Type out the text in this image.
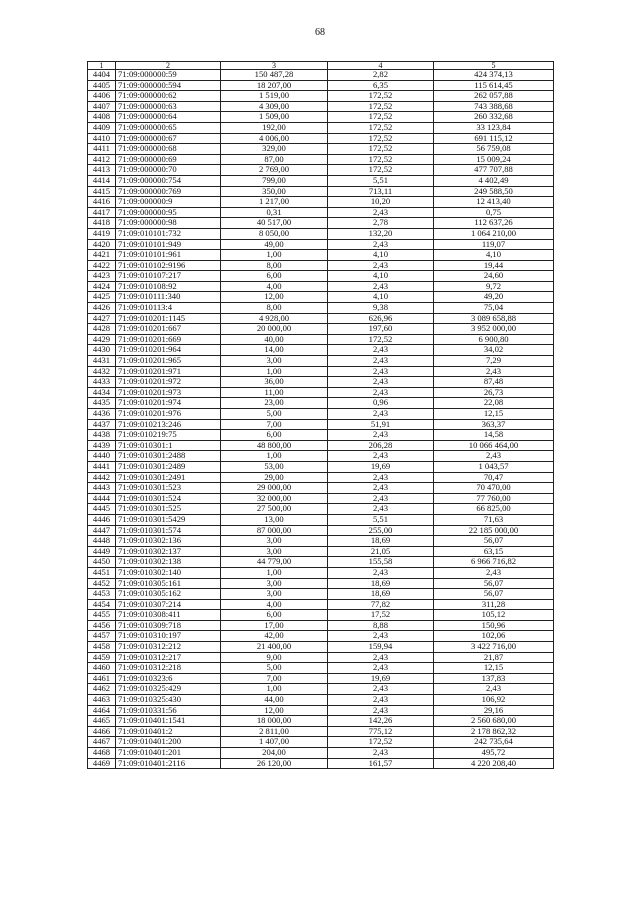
68
1	2	3	4	5
4404	71:09:000000:59	150 487,28	2,82	424 374,13
4405	71:09:000000:594	18 207,00	6,35	115 614,45
4406	71:09:000000:62	1 519,00	172,52	262 057,88
4407	71:09:000000:63	4 309,00	172,52	743 388,68
4408	71:09:000000:64	1 509,00	172,52	260 332,68
4409	71:09:000000:65	192,00	172,52	33 123,84
4410	71:09:000000:67	4 006,00	172,52	691 115,12
4411	71:09:000000:68	329,00	172,52	56 759,08
4412	71:09:000000:69	87,00	172,52	15 009,24
4413	71:09:000000:70	2 769,00	172,52	477 707,88
4414	71:09:000000:754	799,00	5,51	4 402,49
4415	71:09:000000:769	350,00	713,11	249 588,50
4416	71:09:000000:9	1 217,00	10,20	12 413,40
4417	71:09:000000:95	0,31	2,43	0,75
4418	71:09:000000:98	40 517,00	2,78	112 637,26
4419	71:09:010101:732	8 050,00	132,20	1 064 210,00
4420	71:09:010101:949	49,00	2,43	119,07
4421	71:09:010101:961	1,00	4,10	4,10
4422	71:09:010102:9196	8,00	2,43	19,44
4423	71:09:010107:217	6,00	4,10	24,60
4424	71:09:010108:92	4,00	2,43	9,72
4425	71:09:010111:340	12,00	4,10	49,20
4426	71:09:010113:4	8,00	9,38	75,04
4427	71:09:010201:1145	4 928,00	626,96	3 089 658,88
4428	71:09:010201:667	20 000,00	197,60	3 952 000,00
4429	71:09:010201:669	40,00	172,52	6 900,80
4430	71:09:010201:964	14,00	2,43	34,02
4431	71:09:010201:965	3,00	2,43	7,29
4432	71:09:010201:971	1,00	2,43	2,43
4433	71:09:010201:972	36,00	2,43	87,48
4434	71:09:010201:973	11,00	2,43	26,73
4435	71:09:010201:974	23,00	0,96	22,08
4436	71:09:010201:976	5,00	2,43	12,15
4437	71:09:010213:246	7,00	51,91	363,37
4438	71:09:010219:75	6,00	2,43	14,58
4439	71:09:010301:1	48 800,00	206,28	10 066 464,00
4440	71:09:010301:2488	1,00	2,43	2,43
4441	71:09:010301:2489	53,00	19,69	1 043,57
4442	71:09:010301:2491	29,00	2,43	70,47
4443	71:09:010301:523	29 000,00	2,43	70 470,00
4444	71:09:010301:524	32 000,00	2,43	77 760,00
4445	71:09:010301:525	27 500,00	2,43	66 825,00
4446	71:09:010301:5429	13,00	5,51	71,63
4447	71:09:010301:574	87 000,00	255,00	22 185 000,00
4448	71:09:010302:136	3,00	18,69	56,07
4449	71:09:010302:137	3,00	21,05	63,15
4450	71:09:010302:138	44 779,00	155,58	6 966 716,82
4451	71:09:010302:140	1,00	2,43	2,43
4452	71:09:010305:161	3,00	18,69	56,07
4453	71:09:010305:162	3,00	18,69	56,07
4454	71:09:010307:214	4,00	77,82	311,28
4455	71:09:010308:411	6,00	17,52	105,12
4456	71:09:010309:718	17,00	8,88	150,96
4457	71:09:010310:197	42,00	2,43	102,06
4458	71:09:010312:212	21 400,00	159,94	3 422 716,00
4459	71:09:010312:217	9,00	2,43	21,87
4460	71:09:010312:218	5,00	2,43	12,15
4461	71:09:010323:6	7,00	19,69	137,83
4462	71:09:010325:429	1,00	2,43	2,43
4463	71:09:010325:430	44,00	2,43	106,92
4464	71:09:010331:56	12,00	2,43	29,16
4465	71:09:010401:1541	18 000,00	142,26	2 560 680,00
4466	71:09:010401:2	2 811,00	775,12	2 178 862,32
4467	71:09:010401:200	1 407,00	172,52	242 735,64
4468	71:09:010401:201	204,00	2,43	495,72
4469	71:09:010401:2116	26 120,00	161,57	4 220 208,40
